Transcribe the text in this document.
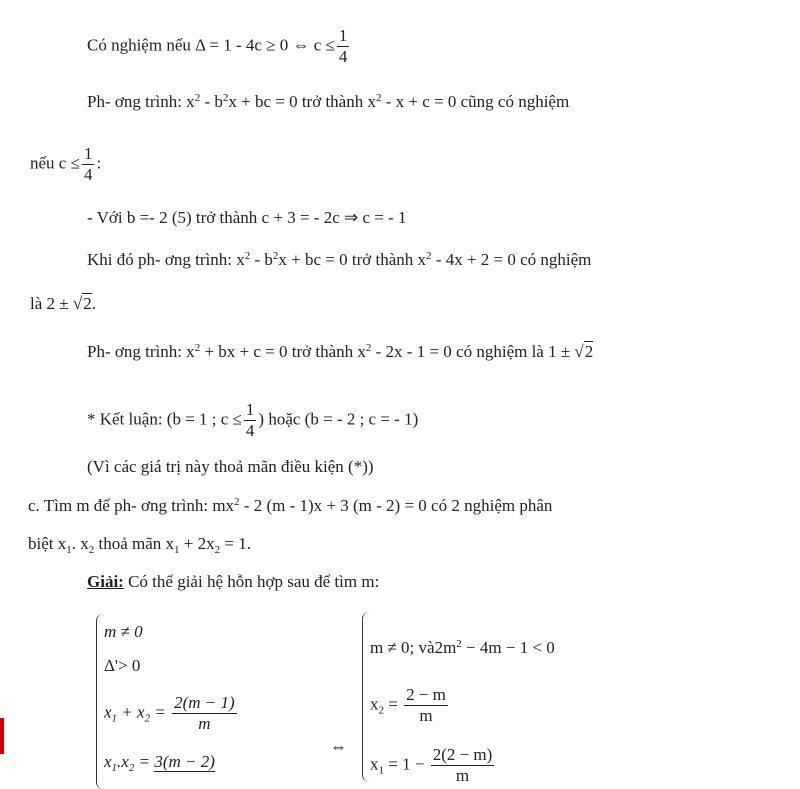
Có nghiệm nếu Δ = 1 - 4c ≥ 0 ⇔ $c \le \frac{1}{4}$
Ph- ơng trình: $x^2 - b^2x$ + bc = 0 trở thành $x^2 - x + c = 0$ cũng có nghiệm
nếu $c \le \frac{1}{4}$ :
- Với b =- 2 (5) trở thành c + 3 = - 2c ⇒ c = - 1
Khi đó ph- ơng trình: $x^2 - b^2x$ + bc = 0 trở thành $x^2 - 4x + 2 = 0$ có nghiệm
là 2 ± √2.
Ph- ơng trình: $x^2$ + bx + c = 0 trở thành $x^2 - 2x - 1 = 0$ có nghiệm là 1 ± √2
* Kết luận: (b = 1 ; $c \le \frac{1}{4}$ ) hoặc (b = - 2 ; c = - 1)
(Vì các giá trị này thoả mãn điều kiện (*))
c. Tìm m để ph- ơng trình: $mx^2 - 2$ (m - 1)x + 3 (m - 2) = 0 có 2 nghiệm phân
biệt $x_1$. $x_2$ thoả mãn $x_1 + 2x_2 = 1$.
Giải: Có thể giải hệ hỗn hợp sau để tìm m:
m ≠ 0
Δ'> 0
$x_1 + x_2 = \frac{2(m - 1)}{m}$
$x_1.x_2 = 3(m - 2)$
⇔
m ≠ 0; $và2m^2 - 4m - 1 < 0$
$x_2 = \frac{2 - m}{m}$
$x_1 = 1 - \frac{2(2 - m)}{m}$
